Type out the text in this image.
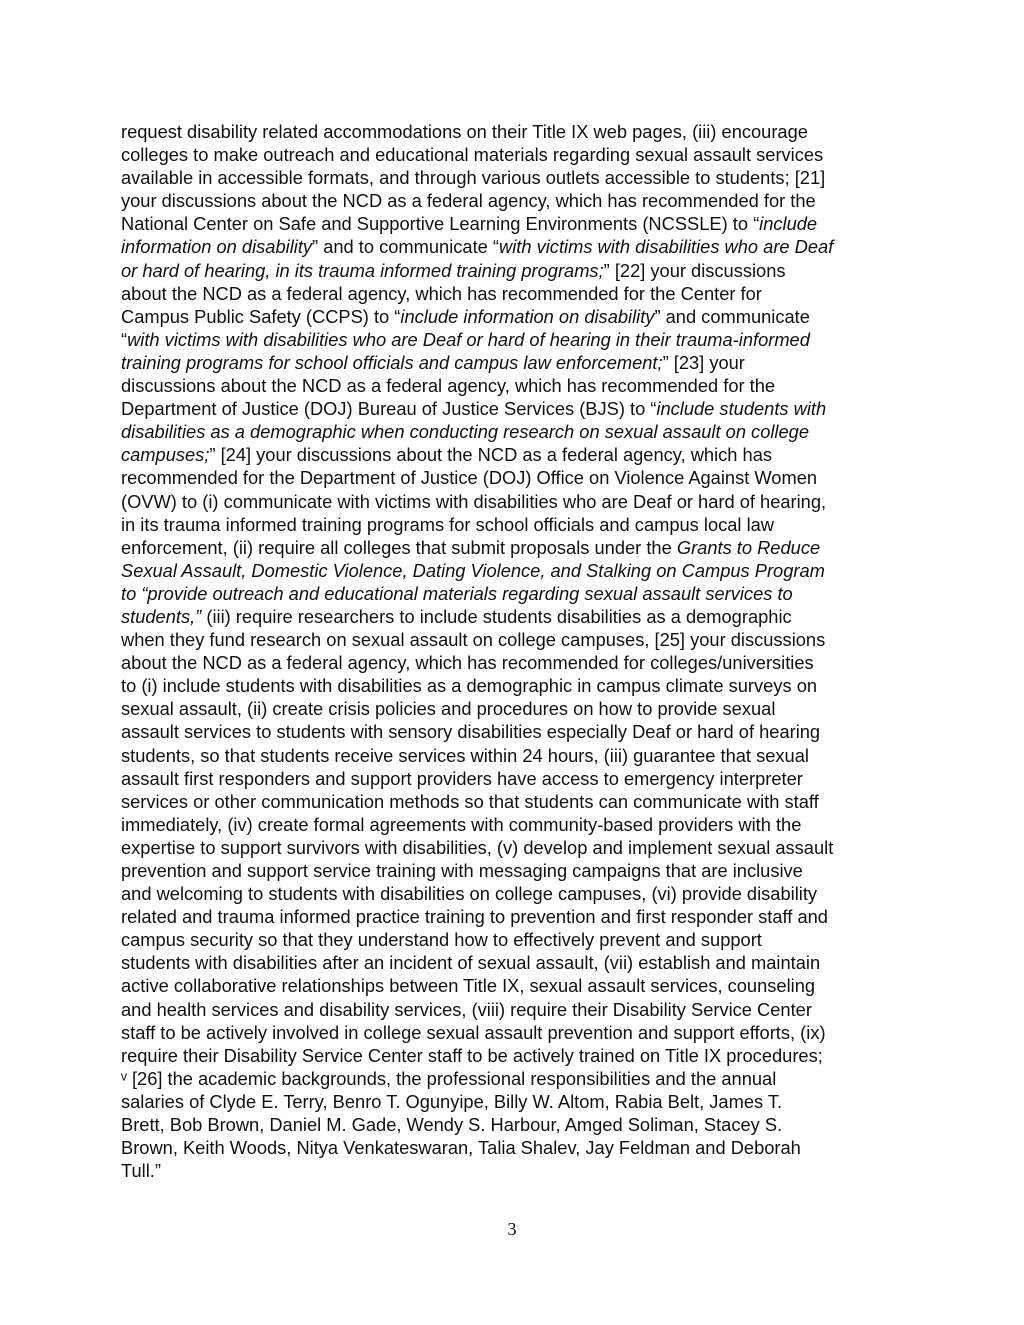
request disability related accommodations on their Title IX web pages, (iii) encourage
colleges to make outreach and educational materials regarding sexual assault services
available in accessible formats, and through various outlets accessible to students; [21]
your discussions about the NCD as a federal agency, which has recommended for the
National Center on Safe and Supportive Learning Environments (NCSSLE) to “include
information on disability” and to communicate “with victims with disabilities who are Deaf
or hard of hearing, in its trauma informed training programs;” [22] your discussions
about the NCD as a federal agency, which has recommended for the Center for
Campus Public Safety (CCPS) to “include information on disability” and communicate
“with victims with disabilities who are Deaf or hard of hearing in their trauma-informed
training programs for school officials and campus law enforcement;” [23] your
discussions about the NCD as a federal agency, which has recommended for the
Department of Justice (DOJ) Bureau of Justice Services (BJS) to “include students with
disabilities as a demographic when conducting research on sexual assault on college
campuses;” [24] your discussions about the NCD as a federal agency, which has
recommended for the Department of Justice (DOJ) Office on Violence Against Women
(OVW) to (i) communicate with victims with disabilities who are Deaf or hard of hearing,
in its trauma informed training programs for school officials and campus local law
enforcement, (ii) require all colleges that submit proposals under the Grants to Reduce
Sexual Assault, Domestic Violence, Dating Violence, and Stalking on Campus Program
to “provide outreach and educational materials regarding sexual assault services to
students,” (iii) require researchers to include students disabilities as a demographic
when they fund research on sexual assault on college campuses, [25] your discussions
about the NCD as a federal agency, which has recommended for colleges/universities
to (i) include students with disabilities as a demographic in campus climate surveys on
sexual assault, (ii) create crisis policies and procedures on how to provide sexual
assault services to students with sensory disabilities especially Deaf or hard of hearing
students, so that students receive services within 24 hours, (iii) guarantee that sexual
assault first responders and support providers have access to emergency interpreter
services or other communication methods so that students can communicate with staff
immediately, (iv) create formal agreements with community-based providers with the
expertise to support survivors with disabilities, (v) develop and implement sexual assault
prevention and support service training with messaging campaigns that are inclusive
and welcoming to students with disabilities on college campuses, (vi) provide disability
related and trauma informed practice training to prevention and first responder staff and
campus security so that they understand how to effectively prevent and support
students with disabilities after an incident of sexual assault, (vii) establish and maintain
active collaborative relationships between Title IX, sexual assault services, counseling
and health services and disability services, (viii) require their Disability Service Center
staff to be actively involved in college sexual assault prevention and support efforts, (ix)
require their Disability Service Center staff to be actively trained on Title IX procedures;
ᵛ [26] the academic backgrounds, the professional responsibilities and the annual
salaries of Clyde E. Terry, Benro T. Ogunyipe, Billy W. Altom, Rabia Belt, James T.
Brett, Bob Brown, Daniel M. Gade, Wendy S. Harbour, Amged Soliman, Stacey S.
Brown, Keith Woods, Nitya Venkateswaran, Talia Shalev, Jay Feldman and Deborah
Tull.”
3
